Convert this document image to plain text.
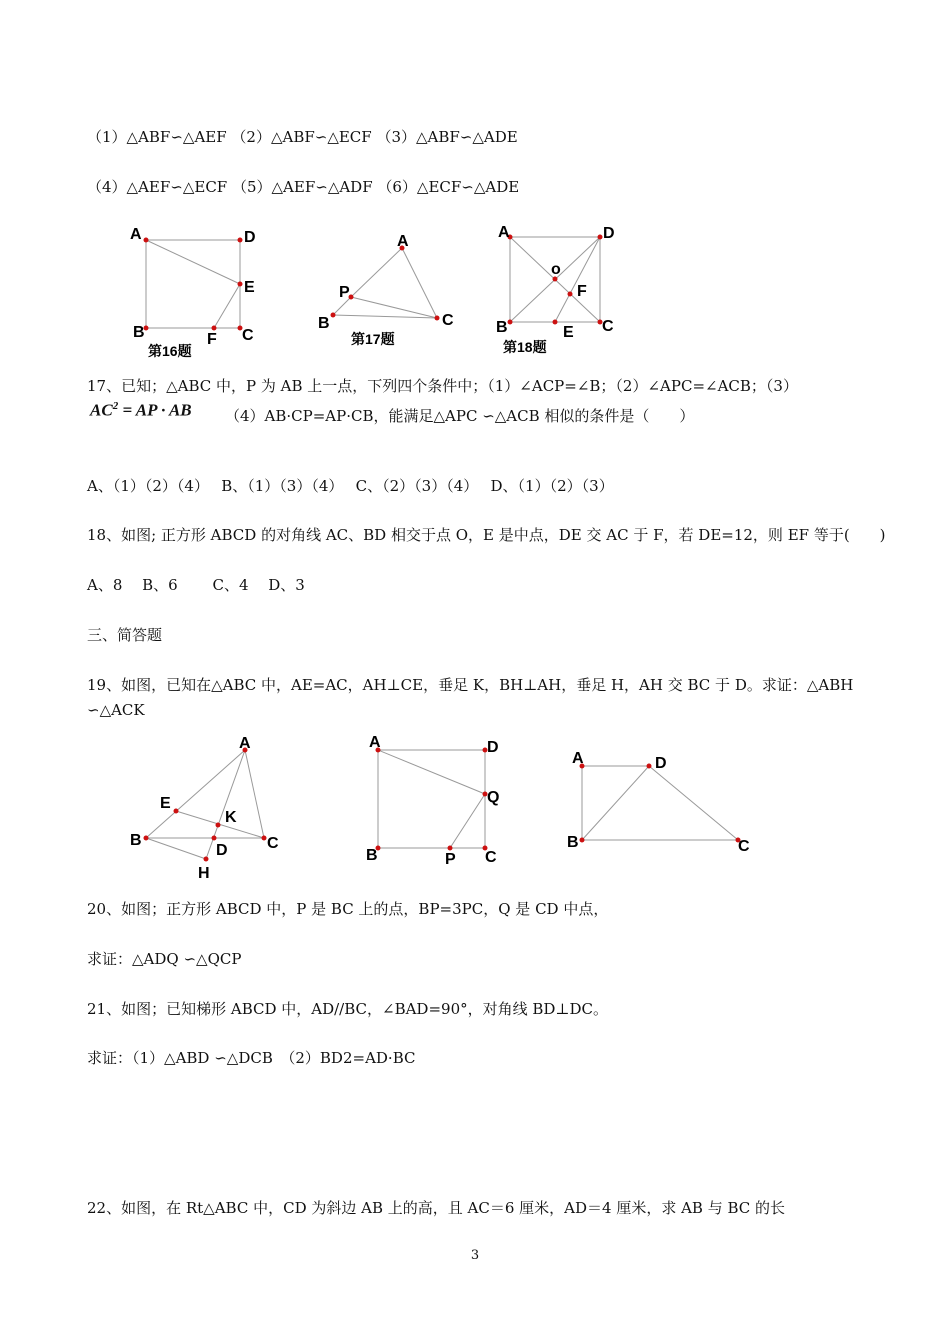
（1）△ABF∽△AEF （2）△ABF∽△ECF （3）△ABF∽△ADE
（4）△AEF∽△ECF （5）△AEF∽△ADF （6）△ECF∽△ADE
A	D
E
B	F C
第16题
A
P
B	C
第17题
A	D
o
F
B	E C
第18题
17、已知；△ABC 中，P 为 AB 上一点，下列四个条件中；（1）∠ACP=∠B；（2）∠APC=∠ACB；（3）
$AC^2$ = AP · AB （4）AB·CP=AP·CB，能满足△APC ∽△ACB 相似的条件是（　　）
A、（1）（2）（4）　 B、（1）（3）（4）　 C、（2）（3）（4）　 D、（1）（2）（3）
18、如图; 正方形 ABCD 的对角线 AC、BD 相交于点 O，E 是中点，DE 交 AC 于 F，若 DE=12，则 EF 等于(　　)
A、8　 B、6　　 C、4　 D、3
三、简答题
19、如图，已知在△ABC 中，AE=AC，AH⊥CE，垂足 K，BH⊥AH，垂足 H，AH 交 BC 于 D。求证：△ABH
∽△ACK
A
E
K
B
D C
H
A	D
Q
B	P C
A	D
B	C
20、如图；正方形 ABCD 中，P 是 BC 上的点，BP=3PC，Q 是 CD 中点，
求证：△ADQ ∽△QCP
21、如图；已知梯形 ABCD 中，AD//BC，∠BAD=90°，对角线 BD⊥DC。
求证：（1）△ABD ∽△DCB　（2）BD2=AD·BC
22、如图，在 Rt△ABC 中，CD 为斜边 AB 上的高，且 AC＝6 厘米，AD＝4 厘米，求 AB 与 BC 的长
3
